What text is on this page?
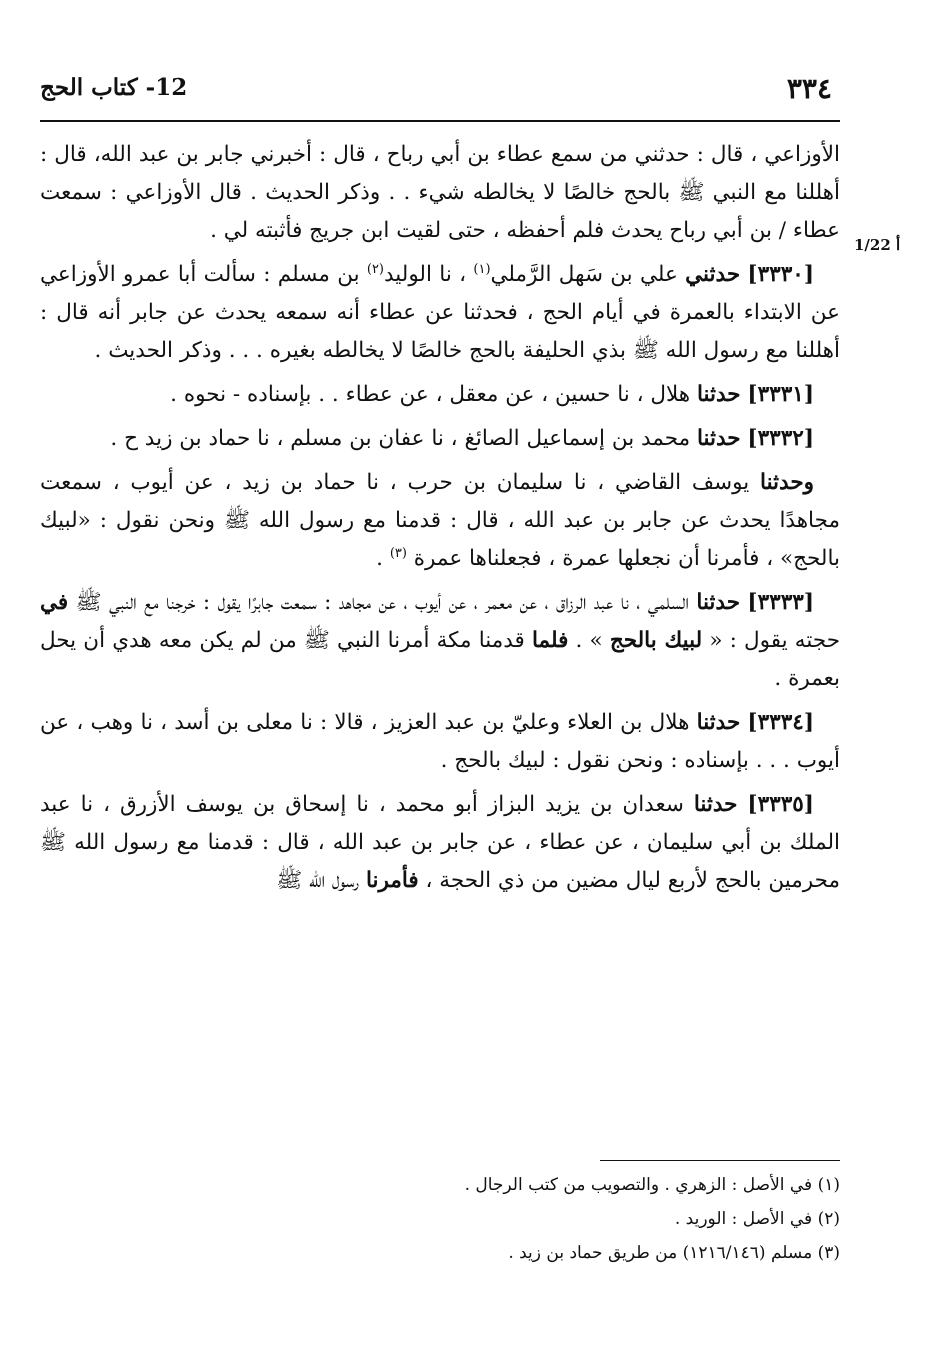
٣٣٤
12- كتاب الحج
1/22 أ

الأوزاعي ، قال : حدثني من سمع عطاء بن أبي رباح ، قال : أخبرني جابر بن عبد الله، قال : أهللنا مع النبي ﷺ بالحج خالصًا لا يخالطه شيء . . وذكر الحديث . قال الأوزاعي : سمعت عطاء / بن أبي رباح يحدث فلم أحفظه ، حتى لقيت ابن جريج فأثبته لي .

[٣٣٣٠] حدثني علي بن سَهل الرَّملي$^{(١)}$ ، نا الوليد$^{(٢)}$ بن مسلم : سألت أبا عمرو الأوزاعي عن الابتداء بالعمرة في أيام الحج ، فحدثنا عن عطاء أنه سمعه يحدث عن جابر أنه قال : أهللنا مع رسول الله ﷺ بذي الحليفة بالحج خالصًا لا يخالطه بغيره . . . وذكر الحديث .

[٣٣٣١] حدثنا هلال ، نا حسين ، عن معقل ، عن عطاء . . بإسناده - نحوه .

[٣٣٣٢] حدثنا محمد بن إسماعيل الصائغ ، نا عفان بن مسلم ، نا حماد بن زيد ح .

وحدثنا يوسف القاضي ، نا سليمان بن حرب ، نا حماد بن زيد ، عن أيوب ، سمعت مجاهدًا يحدث عن جابر بن عبد الله ، قال : قدمنا مع رسول الله ﷺ ونحن نقول : «لبيك بالحج» ، فأمرنا أن نجعلها عمرة ، فجعلناها عمرة $^{(٣)}$ .

[٣٣٣٣] حدثنا السلمي ، نا عبد الرزاق ، عن معمر ، عن أيوب ، عن مجاهد : سمعت جابرًا يقول : خرجنا مع النبي ﷺ في حجته يقول : « لبيك بالحج » . فلما قدمنا مكة أمرنا النبي ﷺ من لم يكن معه هدي أن يحل بعمرة .

[٣٣٣٤] حدثنا هلال بن العلاء وعليّ بن عبد العزيز ، قالا : نا معلى بن أسد ، نا وهب ، عن أيوب . . . بإسناده : ونحن نقول : لبيك بالحج .

[٣٣٣٥] حدثنا سعدان بن يزيد البزاز أبو محمد ، نا إسحاق بن يوسف الأزرق ، نا عبد الملك بن أبي سليمان ، عن عطاء ، عن جابر بن عبد الله ، قال : قدمنا مع رسول الله ﷺ محرمين بالحج لأربع ليال مضين من ذي الحجة ، فأمرنا رسول الله ﷺ

(١) في الأصل : الزهري . والتصويب من كتب الرجال .

(٢) في الأصل : الوريد .

(٣) مسلم (١٢١٦/١٤٦) من طريق حماد بن زيد .
